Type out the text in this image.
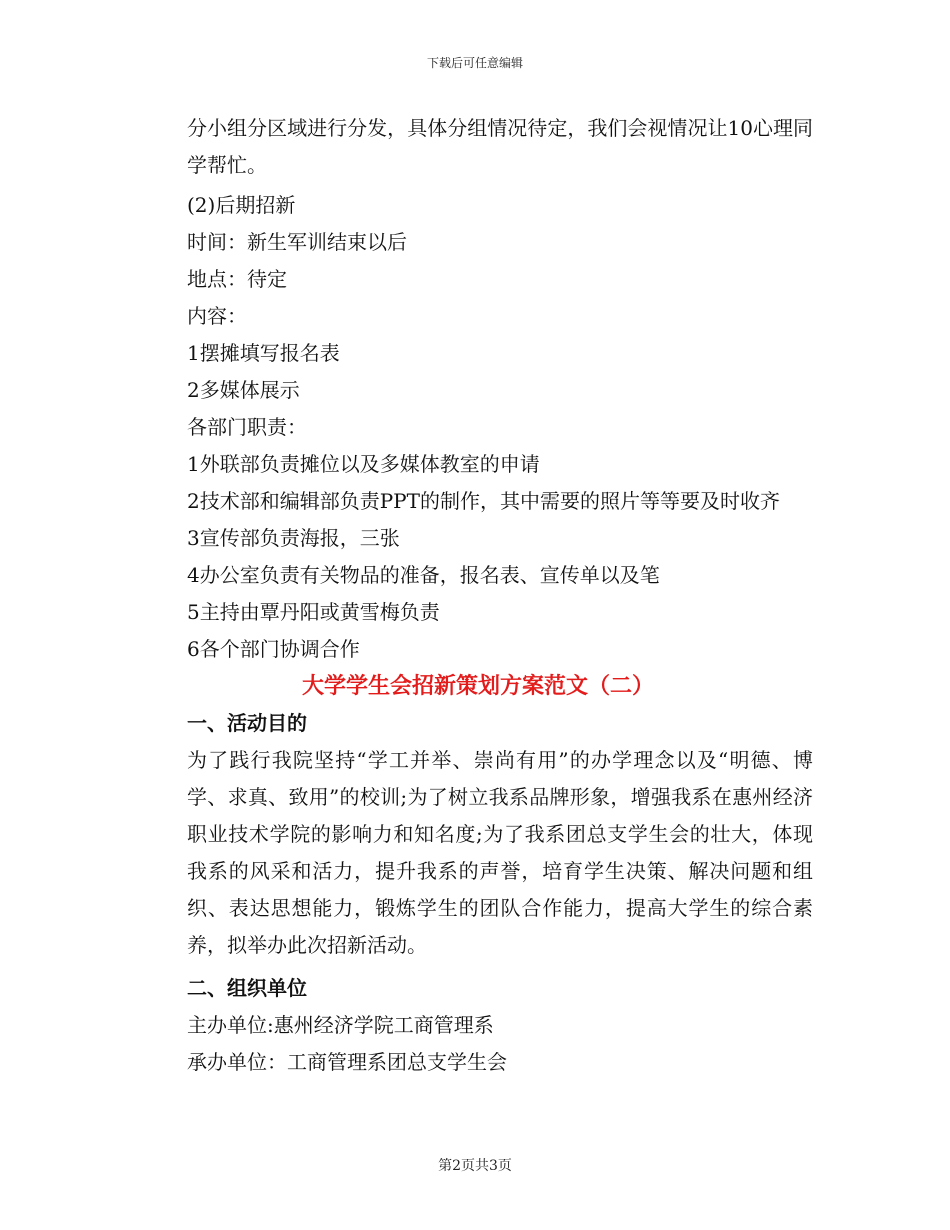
下载后可任意编辑

分小组分区域进行分发，具体分组情况待定，我们会视情况让10心理同学帮忙。

(2)后期招新

时间：新生军训结束以后

地点：待定

内容：

1摆摊填写报名表

2多媒体展示

各部门职责：

1外联部负责摊位以及多媒体教室的申请

2技术部和编辑部负责PPT的制作，其中需要的照片等等要及时收齐

3宣传部负责海报，三张

4办公室负责有关物品的准备，报名表、宣传单以及笔

5主持由覃丹阳或黄雪梅负责

6各个部门协调合作

大学学生会招新策划方案范文（二）

一、活动目的

为了践行我院坚持“学工并举、崇尚有用”的办学理念以及“明德、博学、求真、致用”的校训;为了树立我系品牌形象，增强我系在惠州经济职业技术学院的影响力和知名度;为了我系团总支学生会的壮大，体现我系的风采和活力，提升我系的声誉，培育学生决策、解决问题和组织、表达思想能力，锻炼学生的团队合作能力，提高大学生的综合素养，拟举办此次招新活动。

二、组织单位

主办单位:惠州经济学院工商管理系

承办单位：工商管理系团总支学生会

第2页共3页
